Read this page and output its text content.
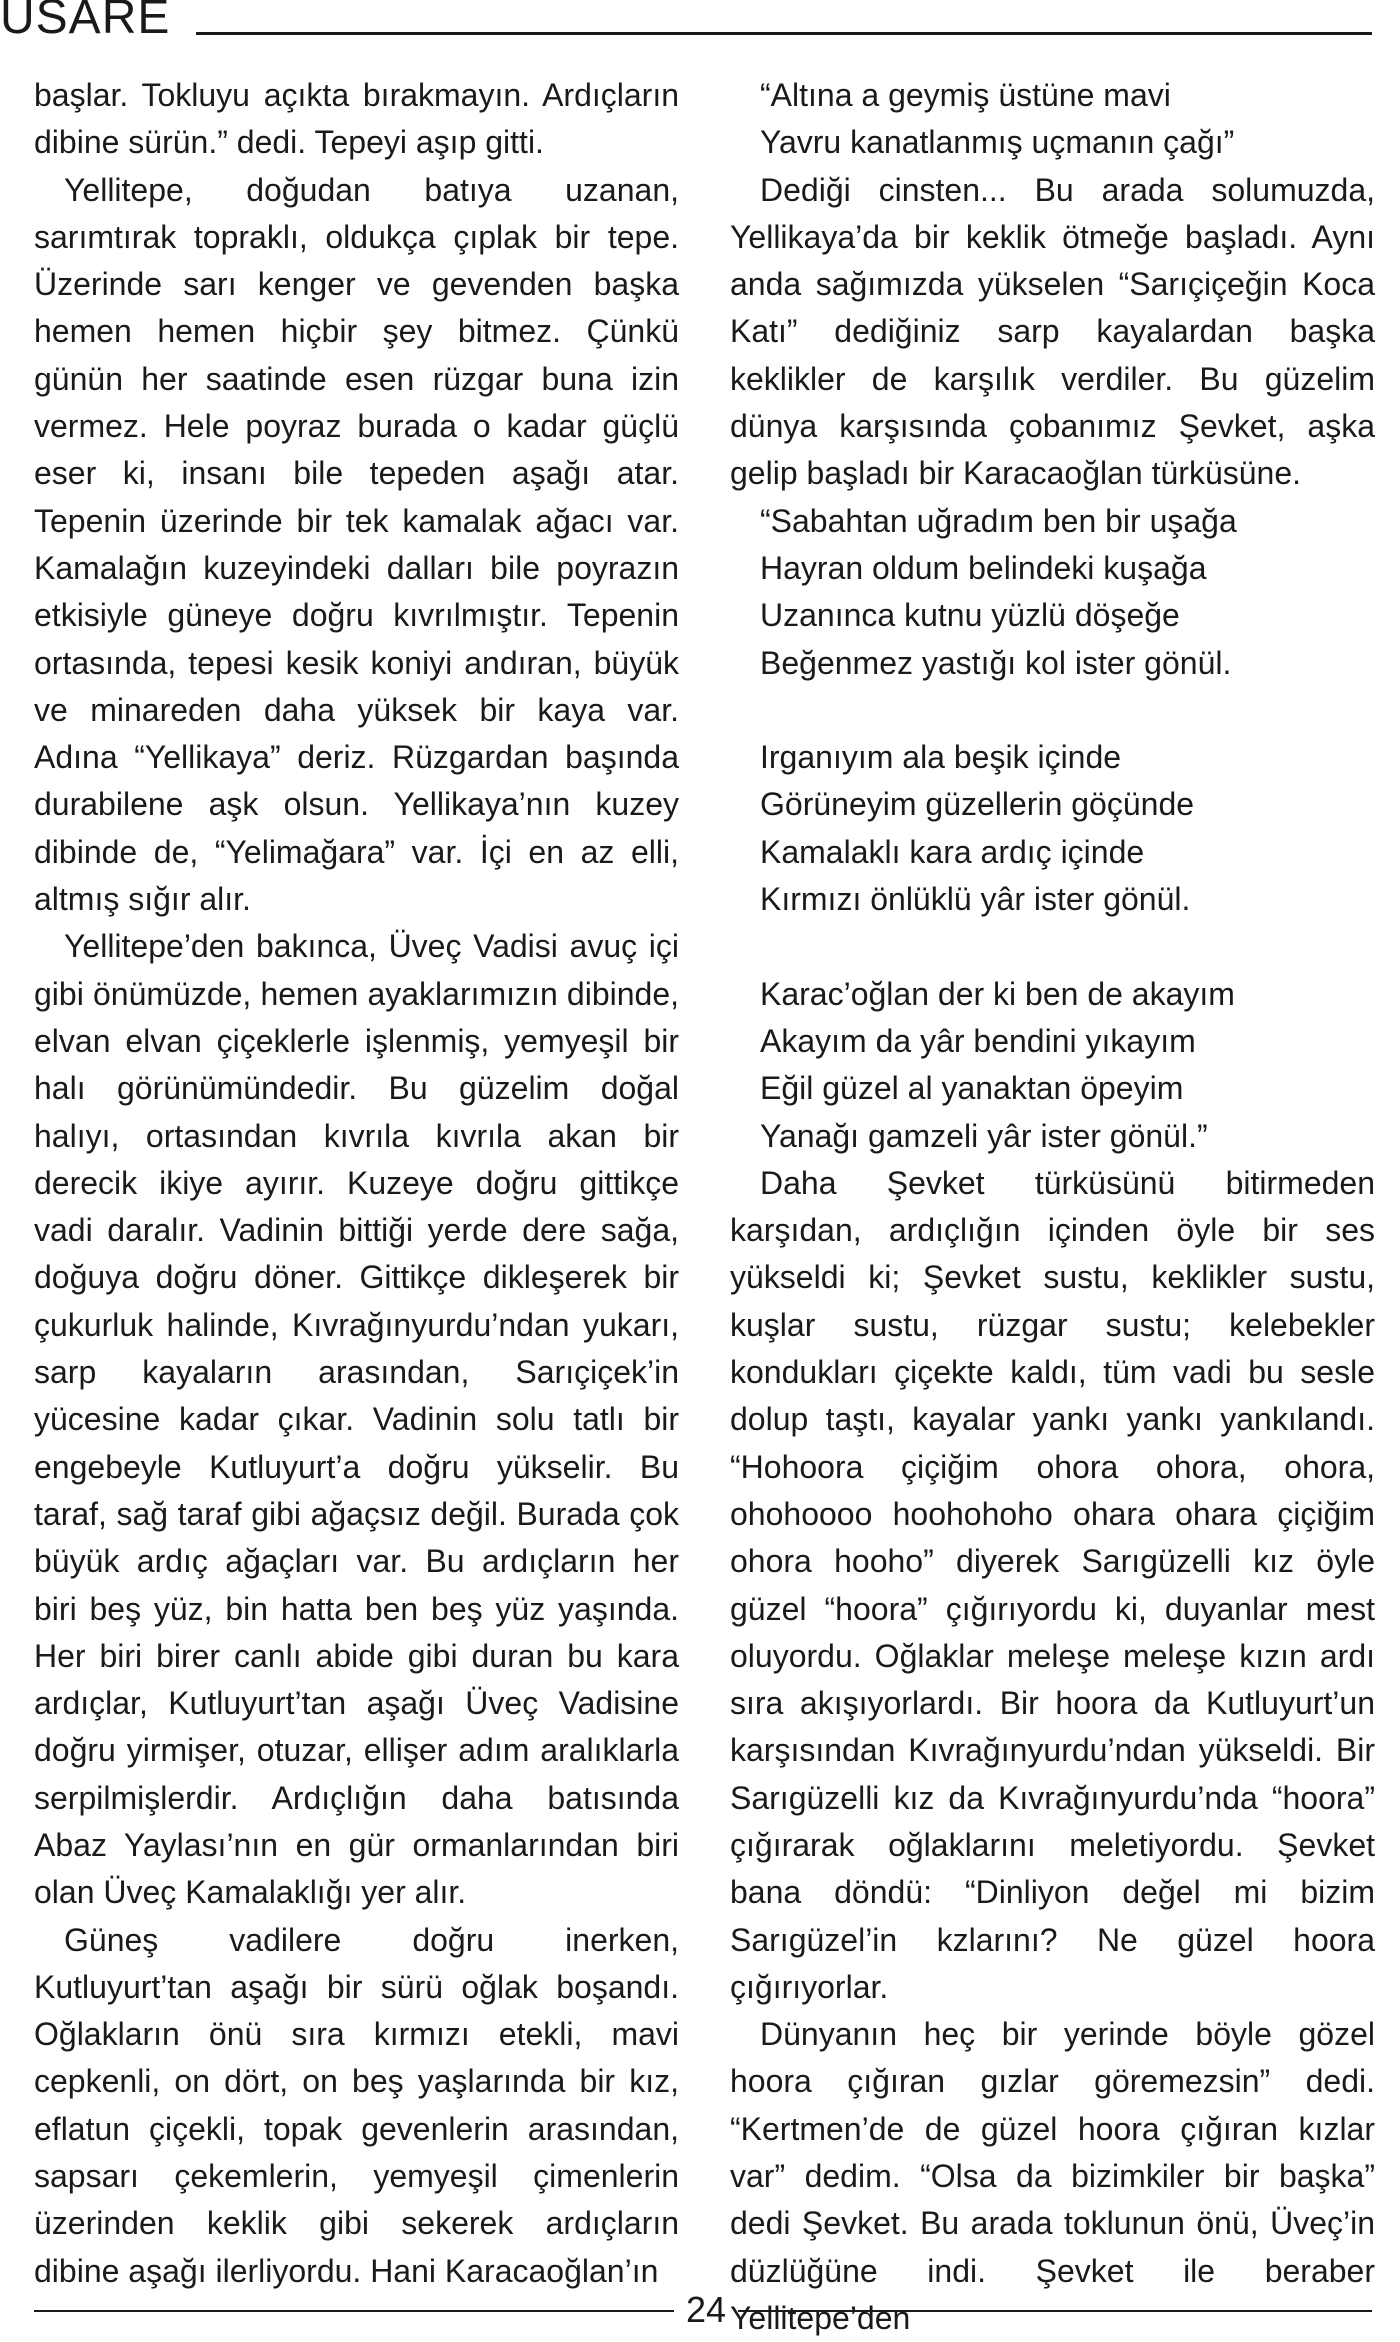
USARE

başlar. Tokluyu açıkta bırakmayın. Ardıçların dibine sürün.” dedi. Tepeyi aşıp gitti.

Yellitepe, doğudan batıya uzanan, sarımtırak topraklı, oldukça çıplak bir tepe. Üzerinde sarı kenger ve gevenden başka hemen hemen hiçbir şey bitmez. Çünkü günün her saatinde esen rüzgar buna izin vermez. Hele poyraz burada o kadar güçlü eser ki, insanı bile tepeden aşağı atar. Tepenin üzerinde bir tek kamalak ağacı var. Kamalağın kuzeyindeki dalları bile poyrazın etkisiyle güneye doğru kıvrılmıştır. Tepenin ortasında, tepesi kesik koniyi andıran, büyük ve minareden daha yüksek bir kaya var. Adına “Yellikaya” deriz. Rüzgardan başında durabilene aşk olsun. Yellikaya’nın kuzey dibinde de, “Yelimağara” var. İçi en az elli, altmış sığır alır.

Yellitepe’den bakınca, Üveç Vadisi avuç içi gibi önümüzde, hemen ayaklarımızın dibinde, elvan elvan çiçeklerle işlenmiş, yemyeşil bir halı görünümündedir. Bu güzelim doğal halıyı, ortasından kıvrıla kıvrıla akan bir derecik ikiye ayırır. Kuzeye doğru gittikçe vadi daralır. Vadinin bittiği yerde dere sağa, doğuya doğru döner. Gittikçe dikleşerek bir çukurluk halinde, Kıvrağınyurdu’ndan yukarı, sarp kayaların arasından, Sarıçiçek’in yücesine kadar çıkar. Vadinin solu tatlı bir engebeyle Kutluyurt’a doğru yükselir. Bu taraf, sağ taraf gibi ağaçsız değil. Burada çok büyük ardıç ağaçları var. Bu ardıçların her biri beş yüz, bin hatta ben beş yüz yaşında. Her biri birer canlı abide gibi duran bu kara ardıçlar, Kutluyurt’tan aşağı Üveç Vadisine doğru yirmişer, otuzar, ellişer adım aralıklarla serpilmişlerdir. Ardıçlığın daha batısında Abaz Yaylası’nın en gür ormanlarından biri olan Üveç Kamalaklığı yer alır.

Güneş vadilere doğru inerken, Kutluyurt’tan aşağı bir sürü oğlak boşandı. Oğlakların önü sıra kırmızı etekli, mavi cepkenli, on dört, on beş yaşlarında bir kız, eflatun çiçekli, topak gevenlerin arasından, sapsarı çekemlerin, yemyeşil çimenlerin üzerinden keklik gibi sekerek ardıçların dibine aşağı ilerliyordu. Hani Karacaoğlan’ın

“Altına a geymiş üstüne mavi
Yavru kanatlanmış uçmanın çağı”

Dediği cinsten... Bu arada solumuzda, Yellikaya’da bir keklik ötmeğe başladı. Aynı anda sağımızda yükselen “Sarıçiçeğin Koca Katı” dediğiniz sarp kayalardan başka keklikler de karşılık verdiler. Bu güzelim dünya karşısında çobanımız Şevket, aşka gelip başladı bir Karacaoğlan türküsüne.

“Sabahtan uğradım ben bir uşağa
Hayran oldum belindeki kuşağa
Uzanınca kutnu yüzlü döşeğe
Beğenmez yastığı kol ister gönül.
Irganıyım ala beşik içinde
Görüneyim güzellerin göçünde
Kamalaklı kara ardıç içinde
Kırmızı önlüklü yâr ister gönül.
Karac’oğlan der ki ben de akayım
Akayım da yâr bendini yıkayım
Eğil güzel al yanaktan öpeyim
Yanağı gamzeli yâr ister gönül.”

Daha Şevket türküsünü bitirmeden karşıdan, ardıçlığın içinden öyle bir ses yükseldi ki; Şevket sustu, keklikler sustu, kuşlar sustu, rüzgar sustu; kelebekler kondukları çiçekte kaldı, tüm vadi bu sesle dolup taştı, kayalar yankı yankı yankılandı. “Hohoora çiçiğim ohora ohora, ohora, ohohoooo hoohohoho ohara ohara çiçiğim ohora hooho” diyerek Sarıgüzelli kız öyle güzel “hoora” çığırıyordu ki, duyanlar mest oluyordu. Oğlaklar meleşe meleşe kızın ardı sıra akışıyorlardı. Bir hoora da Kutluyurt’un karşısından Kıvrağınyurdu’ndan yükseldi. Bir Sarıgüzelli kız da Kıvrağınyurdu’nda “hoora” çığırarak oğlaklarını meletiyordu. Şevket bana döndü: “Dinliyon değel mi bizim Sarıgüzel’in kzlarını? Ne güzel hoora çığırıyorlar.

Dünyanın heç bir yerinde böyle gözel hoora çığıran gızlar göremezsin” dedi. “Kertmen’de de güzel hoora çığıran kızlar var” dedim. “Olsa da bizimkiler bir başka” dedi Şevket. Bu arada toklunun önü, Üveç’in düzlüğüne indi. Şevket ile beraber Yellitepe’den

24
